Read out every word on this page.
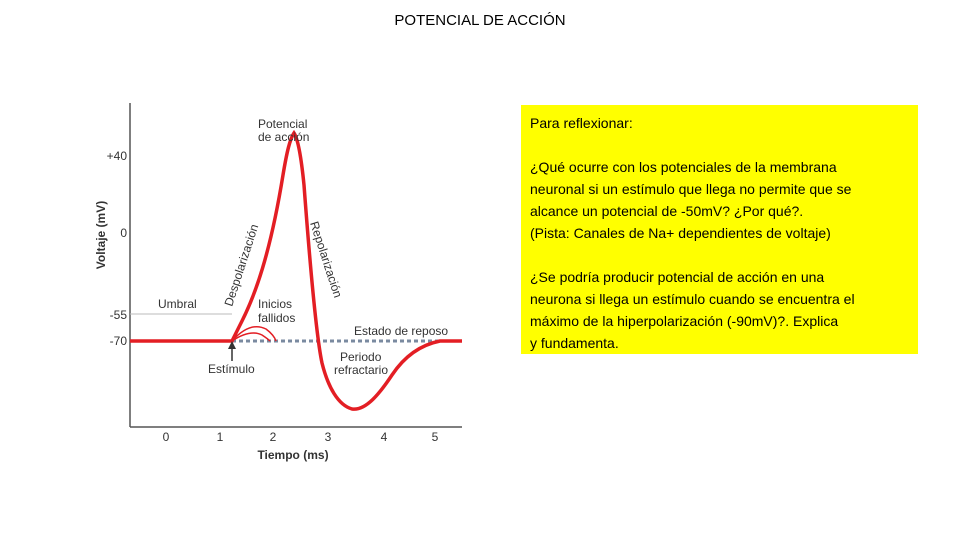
POTENCIAL DE ACCIÓN
Voltaje (mV)
+40
0
-55
-70
0	1	2	3	4	5
Tiempo (ms)
Potencial
de acción
Despolarización	Repolarización
Umbral	Inicios
fallidos
Estado de reposo
Estímulo
Periodo
refractario

Para reflexionar:

¿Qué ocurre con los potenciales de la membrana

neuronal si un estímulo que llega no permite que se

alcance un potencial de -50mV? ¿Por qué?.

(Pista: Canales de Na+ dependientes de voltaje)

¿Se podría producir potencial de acción en una

neurona si llega un estímulo cuando se encuentra el

máximo de la hiperpolarización (-90mV)?. Explica

y fundamenta.
